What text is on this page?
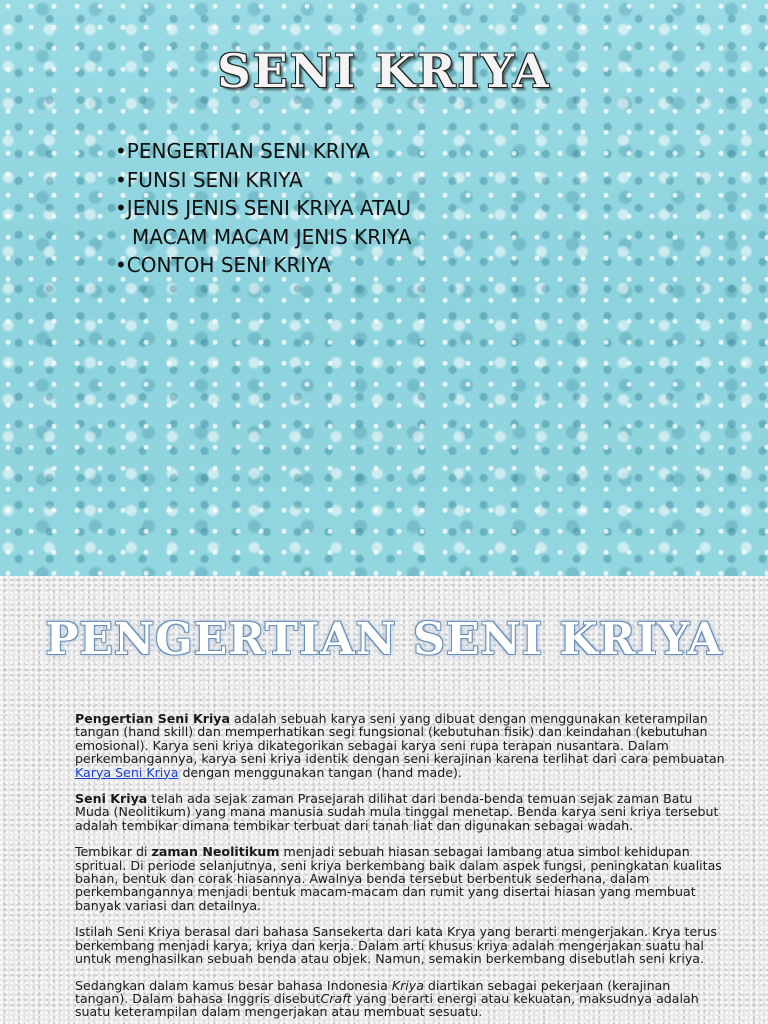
SENI KRIYA
•PENGERTIAN SENI KRIYA
•FUNSI SENI KRIYA
•JENIS JENIS SENI KRIYA ATAU
MACAM MACAM JENIS KRIYA
•CONTOH SENI KRIYA
PENGERTIAN SENI KRIYA

Pengertian Seni Kriya adalah sebuah karya seni yang dibuat dengan menggunakan keterampilan tangan (hand skill) dan memperhatikan segi fungsional (kebutuhan fisik) dan keindahan (kebutuhan emosional). Karya seni kriya dikategorikan sebagai karya seni rupa terapan nusantara. Dalam perkembangannya, karya seni kriya identik dengan seni kerajinan karena terlihat dari cara pembuatan Karya Seni Kriya dengan menggunakan tangan (hand made).

Seni Kriya telah ada sejak zaman Prasejarah dilihat dari benda-benda temuan sejak zaman Batu Muda (Neolitikum) yang mana manusia sudah mula tinggal menetap. Benda karya seni kriya tersebut adalah tembikar dimana tembikar terbuat dari tanah liat dan digunakan sebagai wadah.

Tembikar di zaman Neolitikum menjadi sebuah hiasan sebagai lambang atua simbol kehidupan spritual. Di periode selanjutnya, seni kriya berkembang baik dalam aspek fungsi, peningkatan kualitas bahan, bentuk dan corak hiasannya. Awalnya benda tersebut berbentuk sederhana, dalam perkembangannya menjadi bentuk macam-macam dan rumit yang disertai hiasan yang membuat banyak variasi dan detailnya.

Istilah Seni Kriya berasal dari bahasa Sansekerta dari kata Krya yang berarti mengerjakan. Krya terus berkembang menjadi karya, kriya dan kerja. Dalam arti khusus kriya adalah mengerjakan suatu hal untuk menghasilkan sebuah benda atau objek. Namun, semakin berkembang disebutlah seni kriya.

Sedangkan dalam kamus besar bahasa Indonesia Kriya diartikan sebagai pekerjaan (kerajinan tangan). Dalam bahasa Inggris disebutCraft yang berarti energi atau kekuatan, maksudnya adalah suatu keterampilan dalam mengerjakan atau membuat sesuatu.
